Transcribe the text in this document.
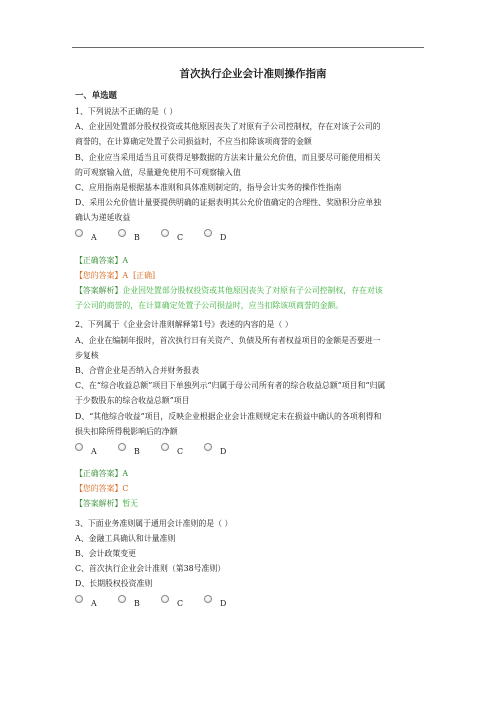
首次执行企业会计准则操作指南
一、单选题

1、下列说法不正确的是（ ）

A、企业因处置部分股权投资或其他原因丧失了对原有子公司控制权，存在对该子公司的

商誉的，在计算确定处置子公司损益时，不应当扣除该项商誉的金额

B、企业应当采用适当且可获得足够数据的方法来计量公允价值，而且要尽可能使用相关

的可观察输入值，尽量避免使用不可观察输入值

C、应用指南是根据基本准则和具体准则制定的，指导会计实务的操作性指南

D、采用公允价值计量要提供明确的证据表明其公允价值确定的合理性、奖励积分应单独

确认为递延收益

A	B	C	D

【正确答案】A

【您的答案】A [正确]

【答案解析】企业因处置部分股权投资或其他原因丧失了对原有子公司控制权，存在对该

子公司的商誉的，在计算确定处置子公司损益时，应当扣除该项商誉的金额。

2、下列属于《企业会计准则解释第1号》表述的内容的是（ ）

A、企业在编制年报时，首次执行日有关资产、负债及所有者权益项目的金额是否要进一

步复核

B、合营企业是否纳入合并财务报表

C、在“综合收益总额”项目下单独列示“归属于母公司所有者的综合收益总额”项目和“归属

于少数股东的综合收益总额”项目

D、“其他综合收益”项目，反映企业根据企业会计准则规定未在损益中确认的各项利得和

损失扣除所得税影响后的净额

A	B	C	D

【正确答案】A

【您的答案】C

【答案解析】暂无

3、下面业务准则属于通用会计准则的是（ ）

A、金融工具确认和计量准则

B、会计政策变更

C、首次执行企业会计准则（第38号准则）

D、长期股权投资准则

A	B	C	D
